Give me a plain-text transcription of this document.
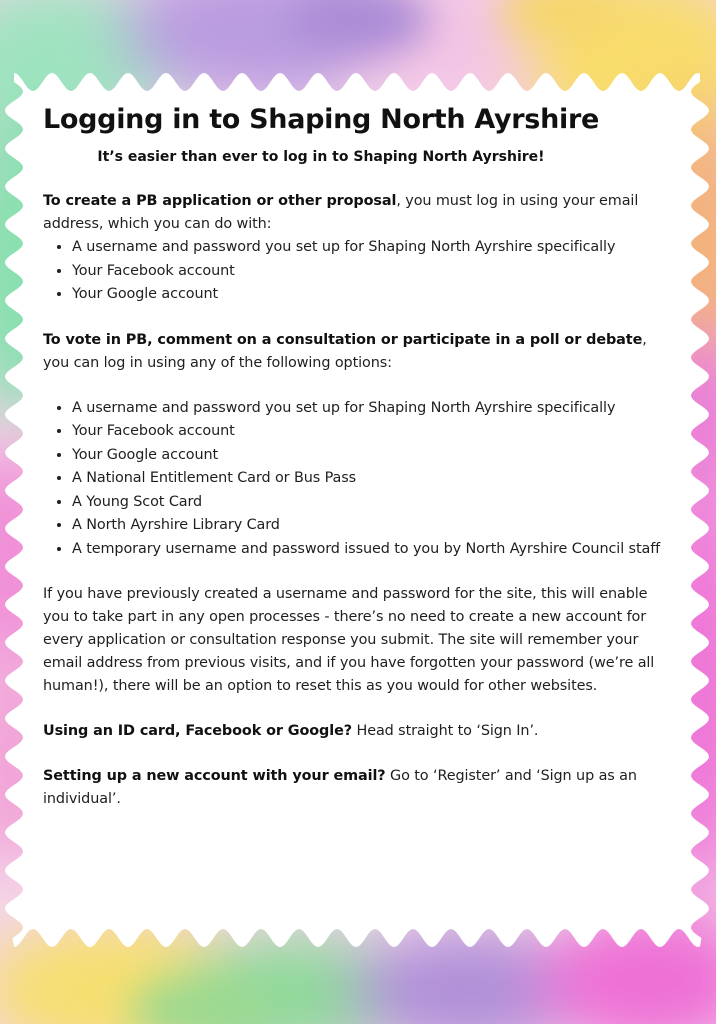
Logging in to Shaping North Ayrshire
It’s easier than ever to log in to Shaping North Ayrshire!

To create a PB application or other proposal, you must log in using your email address, which you can do with:

• A username and password you set up for Shaping North Ayrshire specifically
• Your Facebook account
• Your Google account

To vote in PB, comment on a consultation or participate in a poll or debate, you can log in using any of the following options:

• A username and password you set up for Shaping North Ayrshire specifically
• Your Facebook account
• Your Google account
• A National Entitlement Card or Bus Pass
• A Young Scot Card
• A North Ayrshire Library Card
• A temporary username and password issued to you by North Ayrshire Council staff

If you have previously created a username and password for the site, this will enable you to take part in any open processes - there’s no need to create a new account for every application or consultation response you submit. The site will remember your email address from previous visits, and if you have forgotten your password (we’re all human!), there will be an option to reset this as you would for other websites.

Using an ID card, Facebook or Google? Head straight to ‘Sign In’.

Setting up a new account with your email? Go to ‘Register’ and ‘Sign up as an individual’.
